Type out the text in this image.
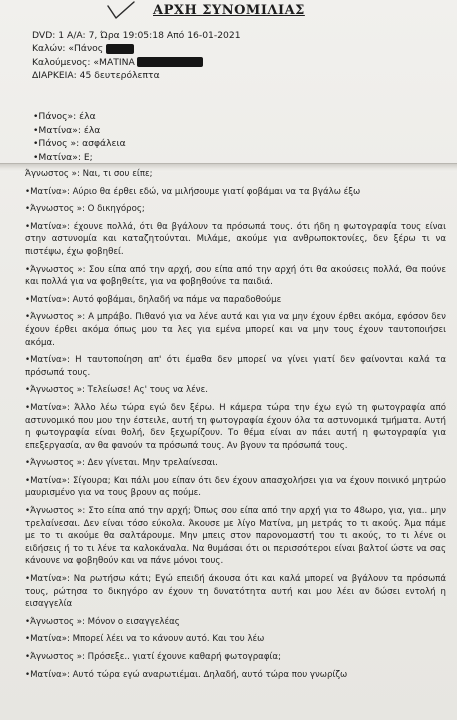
ΑΡΧΗ ΣΥΝΟΜΙΛΙΑΣ
DVD: 1 A/A: 7, Ώρα 19:05:18 Από 16-01-2021
Καλών: «Πάνος
Καλούμενος: «ΜΑΤΙΝΑ
ΔΙΑΡΚΕΙΑ: 45 δευτερόλεπτα
•Πάνος»: έλα
•Ματίνα»: έλα
•Πάνος »: ασφάλεια
•Ματίνα»: Ε;
Άγνωστος »: Ναι, τι σου είπε;
•Ματίνα»: Αύριο θα έρθει εδώ, να μιλήσουμε γιατί φοβάμαι να τα βγάλω έξω
•Άγνωστος »: Ο δικηγόρος;
•Ματίνα»: έχουνε πολλά, ότι θα βγάλουν τα πρόσωπά τους. ότι ήδη η φωτογραφία τους είναι στην αστυνομία και καταζητούνται. Μιλάμε, ακούμε για ανθρωποκτονίες, δεν ξέρω τι να πιστέψω, έχω φοβηθεί.
•Άγνωστος »: Σου είπα από την αρχή, σου είπα από την αρχή ότι θα ακούσεις πολλά, Θα πούνε και πολλά για να φοβηθείτε, για να φοβηθούνε τα παιδιά.
•Ματίνα»: Αυτό φοβάμαι, δηλαδή να πάμε να παραδοθούμε
•Άγνωστος »: Α μπράβο. Πιθανό για να λένε αυτά και για να μην έχουν έρθει ακόμα, εφόσον δεν έχουν έρθει ακόμα όπως μου τα λες για εμένα μπορεί και να μην τους έχουν ταυτοποιήσει ακόμα.
•Ματίνα»: Η ταυτοποίηση απ' ότι έμαθα δεν μπορεί να γίνει γιατί δεν φαίνονται καλά τα πρόσωπά τους.
•Άγνωστος »: Τελείωσε! Ας' τους να λένε.
•Ματίνα»: Άλλο λέω τώρα εγώ δεν ξέρω. Η κάμερα τώρα την έχω εγώ τη φωτογραφία από αστυνομικό που μου την έστειλε, αυτή τη φωτογραφία έχουν όλα τα αστυνομικά τμήματα. Αυτή η φωτογραφία είναι θολή, δεν ξεχωρίζουν. Το θέμα είναι αν πάει αυτή η φωτογραφία για επεξεργασία, αν θα φανούν τα πρόσωπά τους. Αν βγουν τα πρόσωπά τους.
•Άγνωστος »: Δεν γίνεται. Μην τρελαίνεσαι.
•Ματίνα»: Σίγουρα; Και πάλι μου είπαν ότι δεν έχουν απασχολήσει για να έχουν ποινικό μητρώο μαυρισμένο για να τους βρουν ας πούμε.
•Άγνωστος »: Στο είπα από την αρχή; Όπως σου είπα από την αρχή για το 48ωρο, για, για.. μην τρελαίνεσαι. Δεν είναι τόσο εύκολα. Άκουσε με λίγο Ματίνα, μη μετράς το τι ακούς. Άμα πάμε με το τι ακούμε θα σαλτάρουμε. Μην μπεις στον παρονομαστή του τι ακούς, το τι λένε οι ειδήσεις ή το τι λένε τα καλοκάναλα. Να θυμάσαι ότι οι περισσότεροι είναι βαλτοί ώστε να σας κάνουνε να φοβηθούν και να πάνε μόνοι τους.
•Ματίνα»: Να ρωτήσω κάτι; Εγώ επειδή άκουσα ότι και καλά μπορεί να βγάλουν τα πρόσωπά τους, ρώτησα το δικηγόρο αν έχουν τη δυνατότητα αυτή και μου λέει αν δώσει εντολή η εισαγγελία
•Άγνωστος »: Μόνον ο εισαγγελέας
•Ματίνα»: Μπορεί λέει να το κάνουν αυτό. Και του λέω
•Άγνωστος »: Πρόσεξε.. γιατί έχουνε καθαρή φωτογραφία;
•Ματίνα»: Αυτό τώρα εγώ αναρωτιέμαι. Δηλαδή, αυτό τώρα που γνωρίζω
